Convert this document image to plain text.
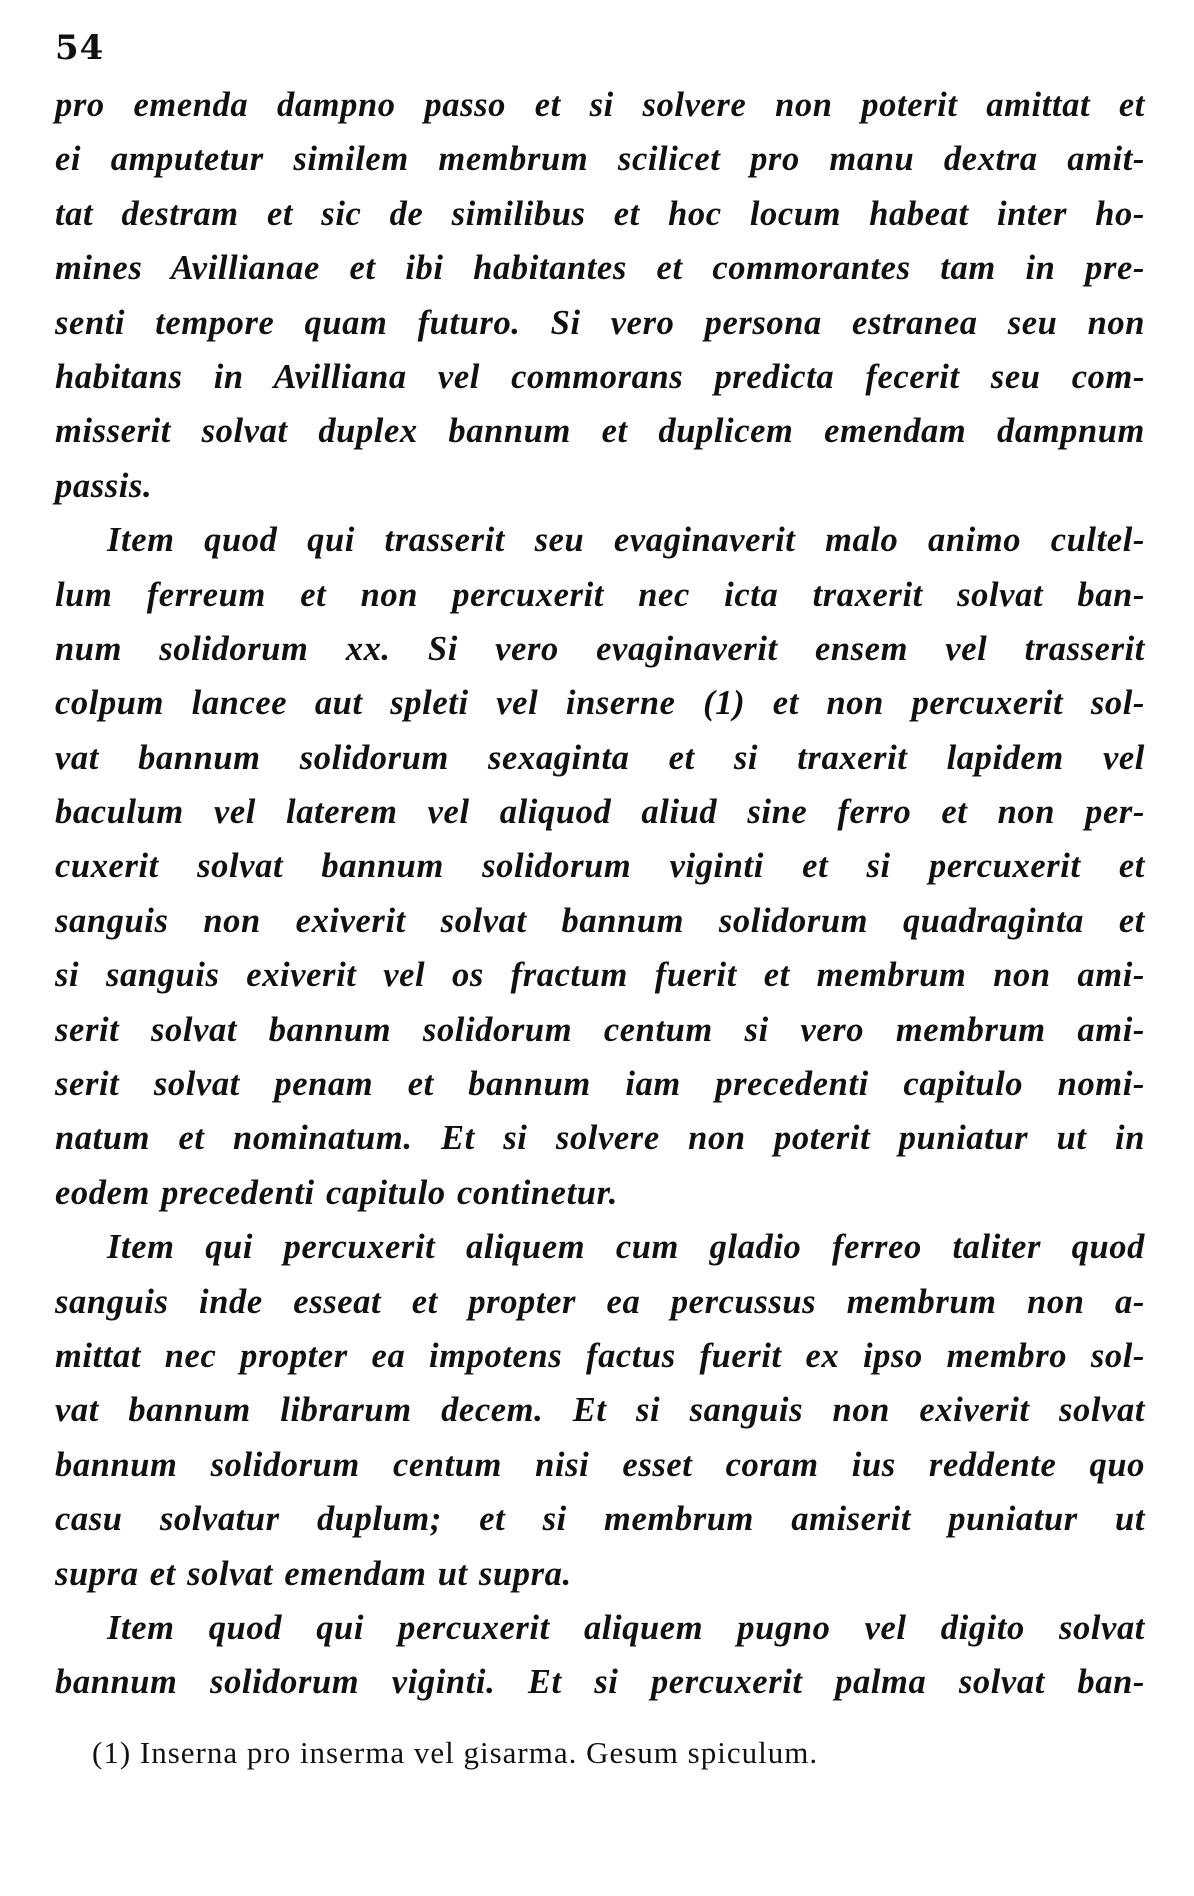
54
pro emenda dampno passo et si solvere non poterit amittat et
ei amputetur similem membrum scilicet pro manu dextra amit-
tat destram et sic de similibus et hoc locum habeat inter ho-
mines Avillianae et ibi habitantes et commorantes tam in pre-
senti tempore quam futuro. Si vero persona estranea seu non
habitans in Avilliana vel commorans predicta fecerit seu com-
misserit solvat duplex bannum et duplicem emendam dampnum
passis.
Item quod qui trasserit seu evaginaverit malo animo cultel-
lum ferreum et non percuxerit nec icta traxerit solvat ban-
num solidorum xx. Si vero evaginaverit ensem vel trasserit
colpum lancee aut spleti vel inserne (1) et non percuxerit sol-
vat bannum solidorum sexaginta et si traxerit lapidem vel
baculum vel laterem vel aliquod aliud sine ferro et non per-
cuxerit solvat bannum solidorum viginti et si percuxerit et
sanguis non exiverit solvat bannum solidorum quadraginta et
si sanguis exiverit vel os fractum fuerit et membrum non ami-
serit solvat bannum solidorum centum si vero membrum ami-
serit solvat penam et bannum iam precedenti capitulo nomi-
natum et nominatum. Et si solvere non poterit puniatur ut in
eodem precedenti capitulo continetur.
Item qui percuxerit aliquem cum gladio ferreo taliter quod
sanguis inde esseat et propter ea percussus membrum non a-
mittat nec propter ea impotens factus fuerit ex ipso membro sol-
vat bannum librarum decem. Et si sanguis non exiverit solvat
bannum solidorum centum nisi esset coram ius reddente quo
casu solvatur duplum; et si membrum amiserit puniatur ut
supra et solvat emendam ut supra.
Item quod qui percuxerit aliquem pugno vel digito solvat
bannum solidorum viginti. Et si percuxerit palma solvat ban-
(1) Inserna pro inserma vel gisarma. Gesum spiculum.
